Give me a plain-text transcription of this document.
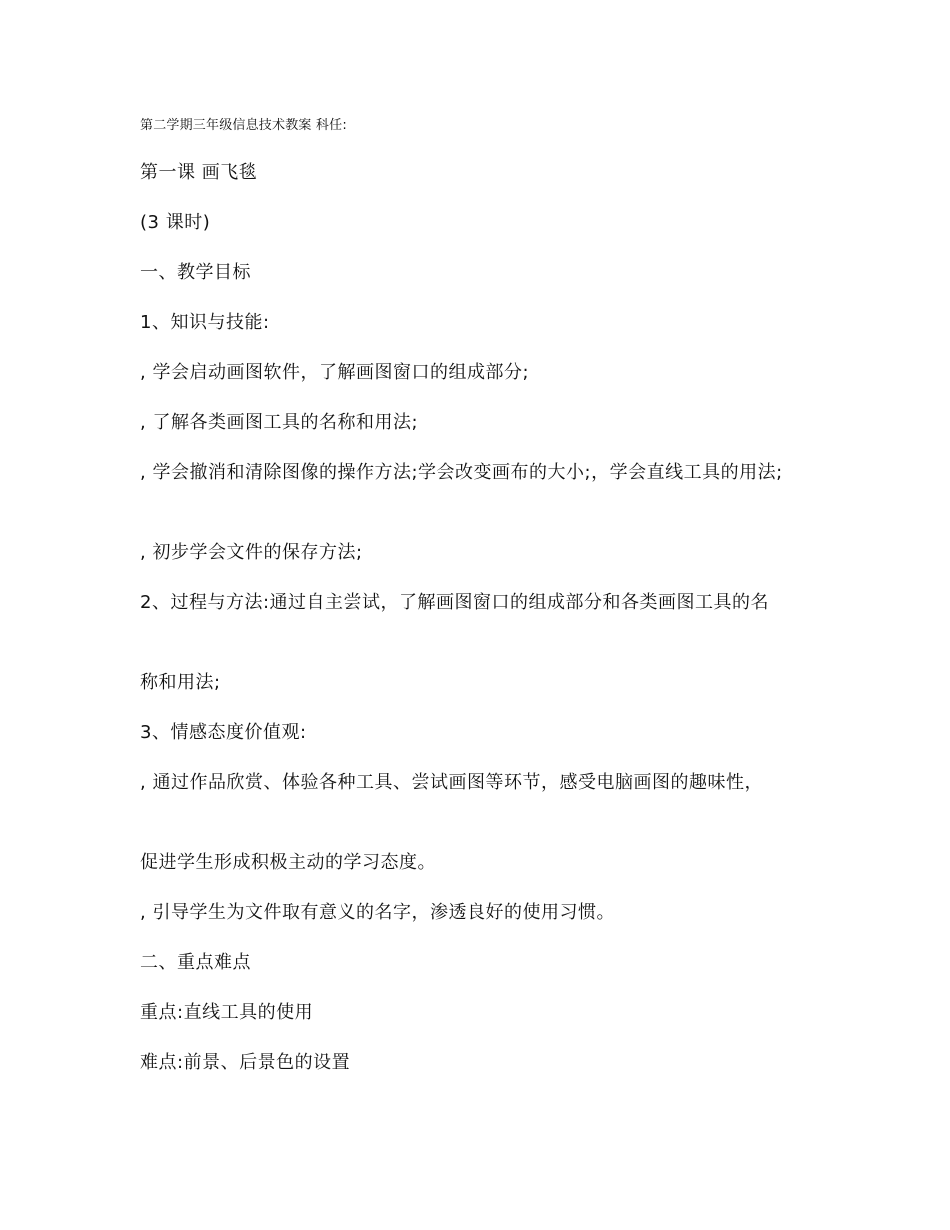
第二学期三年级信息技术教案 科任:

第一课 画飞毯

(3 课时)

一、教学目标

1、知识与技能:

, 学会启动画图软件，了解画图窗口的组成部分;

, 了解各类画图工具的名称和用法;

, 学会撤消和清除图像的操作方法;学会改变画布的大小;，学会直线工具的用法;

, 初步学会文件的保存方法;

2、过程与方法:通过自主尝试，了解画图窗口的组成部分和各类画图工具的名

称和用法;

3、情感态度价值观:

, 通过作品欣赏、体验各种工具、尝试画图等环节，感受电脑画图的趣味性，

促进学生形成积极主动的学习态度。

, 引导学生为文件取有意义的名字，渗透良好的使用习惯。

二、重点难点

重点:直线工具的使用

难点:前景、后景色的设置
